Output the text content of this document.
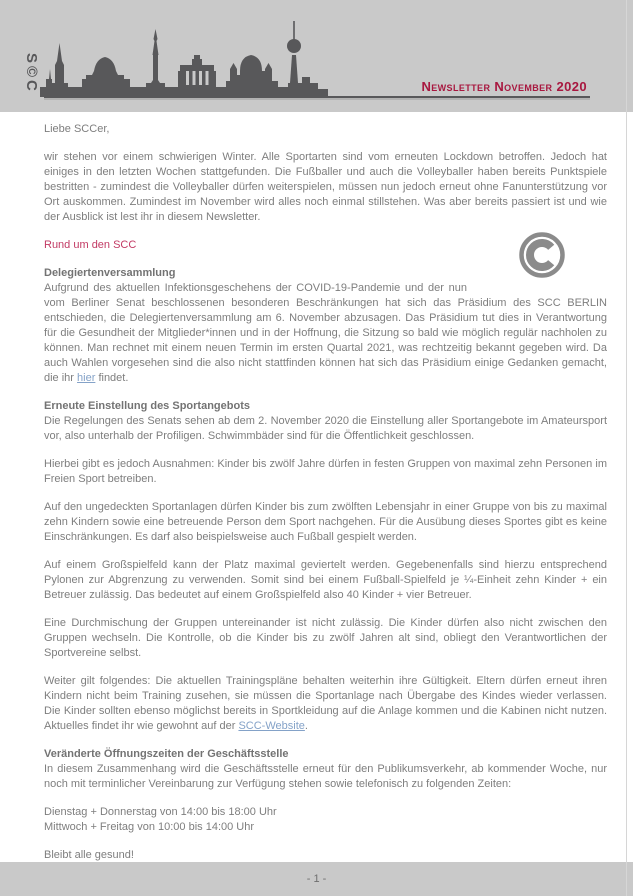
S©C	Newsletter November 2020

Liebe SCCer,

wir stehen vor einem schwierigen Winter. Alle Sportarten sind vom erneuten Lockdown betroffen. Jedoch hat einiges in den letzten Wochen stattgefunden. Die Fußballer und auch die Volleyballer haben bereits Punktspiele bestritten - zumindest die Volleyballer dürfen weiterspielen, müssen nun jedoch erneut ohne Fanunterstützung vor Ort auskommen. Zumindest im November wird alles noch einmal stillstehen. Was aber bereits passiert ist und wie der Ausblick ist lest ihr in diesem Newsletter.

Rund um den SCC

Delegiertenversammlung

Aufgrund des aktuellen Infektionsgeschehens der COVID-19-Pandemie und der nun vom Berliner Senat beschlossenen besonderen Beschränkungen hat sich das Präsidium des SCC BERLIN entschieden, die Delegiertenversammlung am 6. November abzusagen. Das Präsidium tut dies in Verantwortung für die Gesundheit der Mitglieder*innen und in der Hoffnung, die Sitzung so bald wie möglich regulär nachholen zu können. Man rechnet mit einem neuen Termin im ersten Quartal 2021, was rechtzeitig bekannt gegeben wird. Da auch Wahlen vorgesehen sind die also nicht stattfinden können hat sich das Präsidium einige Gedanken gemacht, die ihr hier findet.

Erneute Einstellung des Sportangebots

Die Regelungen des Senats sehen ab dem 2. November 2020 die Einstellung aller Sportangebote im Amateursport vor, also unterhalb der Profiligen. Schwimmbäder sind für die Öffentlichkeit geschlossen.

Hierbei gibt es jedoch Ausnahmen: Kinder bis zwölf Jahre dürfen in festen Gruppen von maximal zehn Personen im Freien Sport betreiben.

Auf den ungedeckten Sportanlagen dürfen Kinder bis zum zwölften Lebensjahr in einer Gruppe von bis zu maximal zehn Kindern sowie eine betreuende Person dem Sport nachgehen. Für die Ausübung dieses Sportes gibt es keine Einschränkungen. Es darf also beispielsweise auch Fußball gespielt werden.

Auf einem Großspielfeld kann der Platz maximal geviertelt werden. Gegebenenfalls sind hierzu entsprechend Pylonen zur Abgrenzung zu verwenden. Somit sind bei einem Fußball-Spielfeld je ¼-Einheit zehn Kinder + ein Betreuer zulässig. Das bedeutet auf einem Großspielfeld also 40 Kinder + vier Betreuer.

Eine Durchmischung der Gruppen untereinander ist nicht zulässig. Die Kinder dürfen also nicht zwischen den Gruppen wechseln. Die Kontrolle, ob die Kinder bis zu zwölf Jahren alt sind, obliegt den Verantwortlichen der Sportvereine selbst.

Weiter gilt folgendes: Die aktuellen Trainingspläne behalten weiterhin ihre Gültigkeit. Eltern dürfen erneut ihren Kindern nicht beim Training zusehen, sie müssen die Sportanlage nach Übergabe des Kindes wieder verlassen. Die Kinder sollten ebenso möglichst bereits in Sportkleidung auf die Anlage kommen und die Kabinen nicht nutzen. Aktuelles findet ihr wie gewohnt auf der SCC-Website.

Veränderte Öffnungszeiten der Geschäftsstelle

In diesem Zusammenhang wird die Geschäftsstelle erneut für den Publikumsverkehr, ab kommender Woche, nur noch mit terminlicher Vereinbarung zur Verfügung stehen sowie telefonisch zu folgenden Zeiten:

Dienstag + Donnerstag von 14:00 bis 18:00 Uhr
Mittwoch + Freitag von 10:00 bis 14:00 Uhr

Bleibt alle gesund!

- 1 -
